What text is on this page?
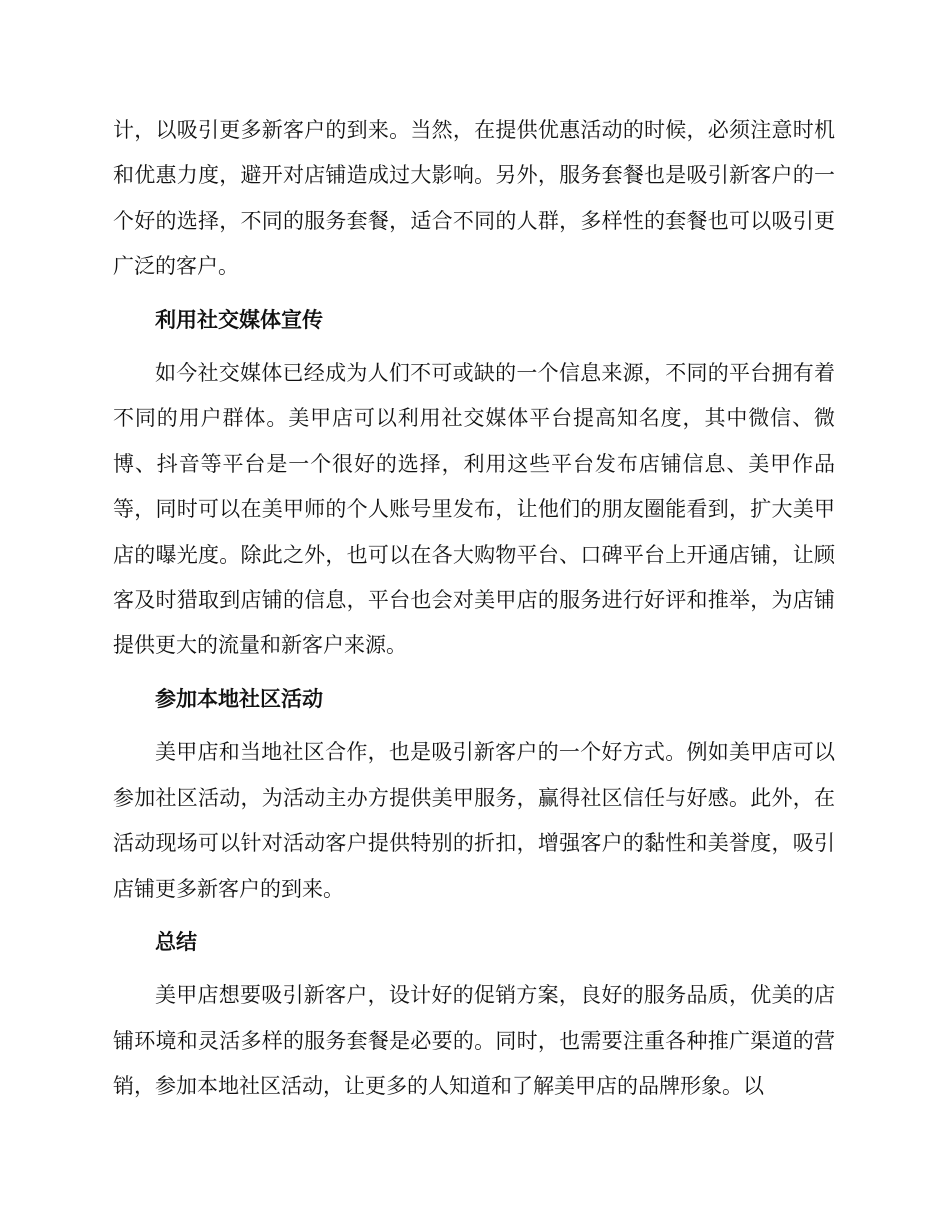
计，以吸引更多新客户的到来。当然，在提供优惠活动的时候，必须注意时机和优惠力度，避开对店铺造成过大影响。另外，服务套餐也是吸引新客户的一个好的选择，不同的服务套餐，适合不同的人群，多样性的套餐也可以吸引更广泛的客户。

利用社交媒体宣传

如今社交媒体已经成为人们不可或缺的一个信息来源，不同的平台拥有着不同的用户群体。美甲店可以利用社交媒体平台提高知名度，其中微信、微博、抖音等平台是一个很好的选择，利用这些平台发布店铺信息、美甲作品等，同时可以在美甲师的个人账号里发布，让他们的朋友圈能看到，扩大美甲店的曝光度。除此之外，也可以在各大购物平台、口碑平台上开通店铺，让顾客及时猎取到店铺的信息，平台也会对美甲店的服务进行好评和推举，为店铺提供更大的流量和新客户来源。

参加本地社区活动

美甲店和当地社区合作，也是吸引新客户的一个好方式。例如美甲店可以参加社区活动，为活动主办方提供美甲服务，赢得社区信任与好感。此外，在活动现场可以针对活动客户提供特别的折扣，增强客户的黏性和美誉度，吸引店铺更多新客户的到来。

总结

美甲店想要吸引新客户，设计好的促销方案，良好的服务品质，优美的店铺环境和灵活多样的服务套餐是必要的。同时，也需要注重各种推广渠道的营销，参加本地社区活动，让更多的人知道和了解美甲店的品牌形象。以
